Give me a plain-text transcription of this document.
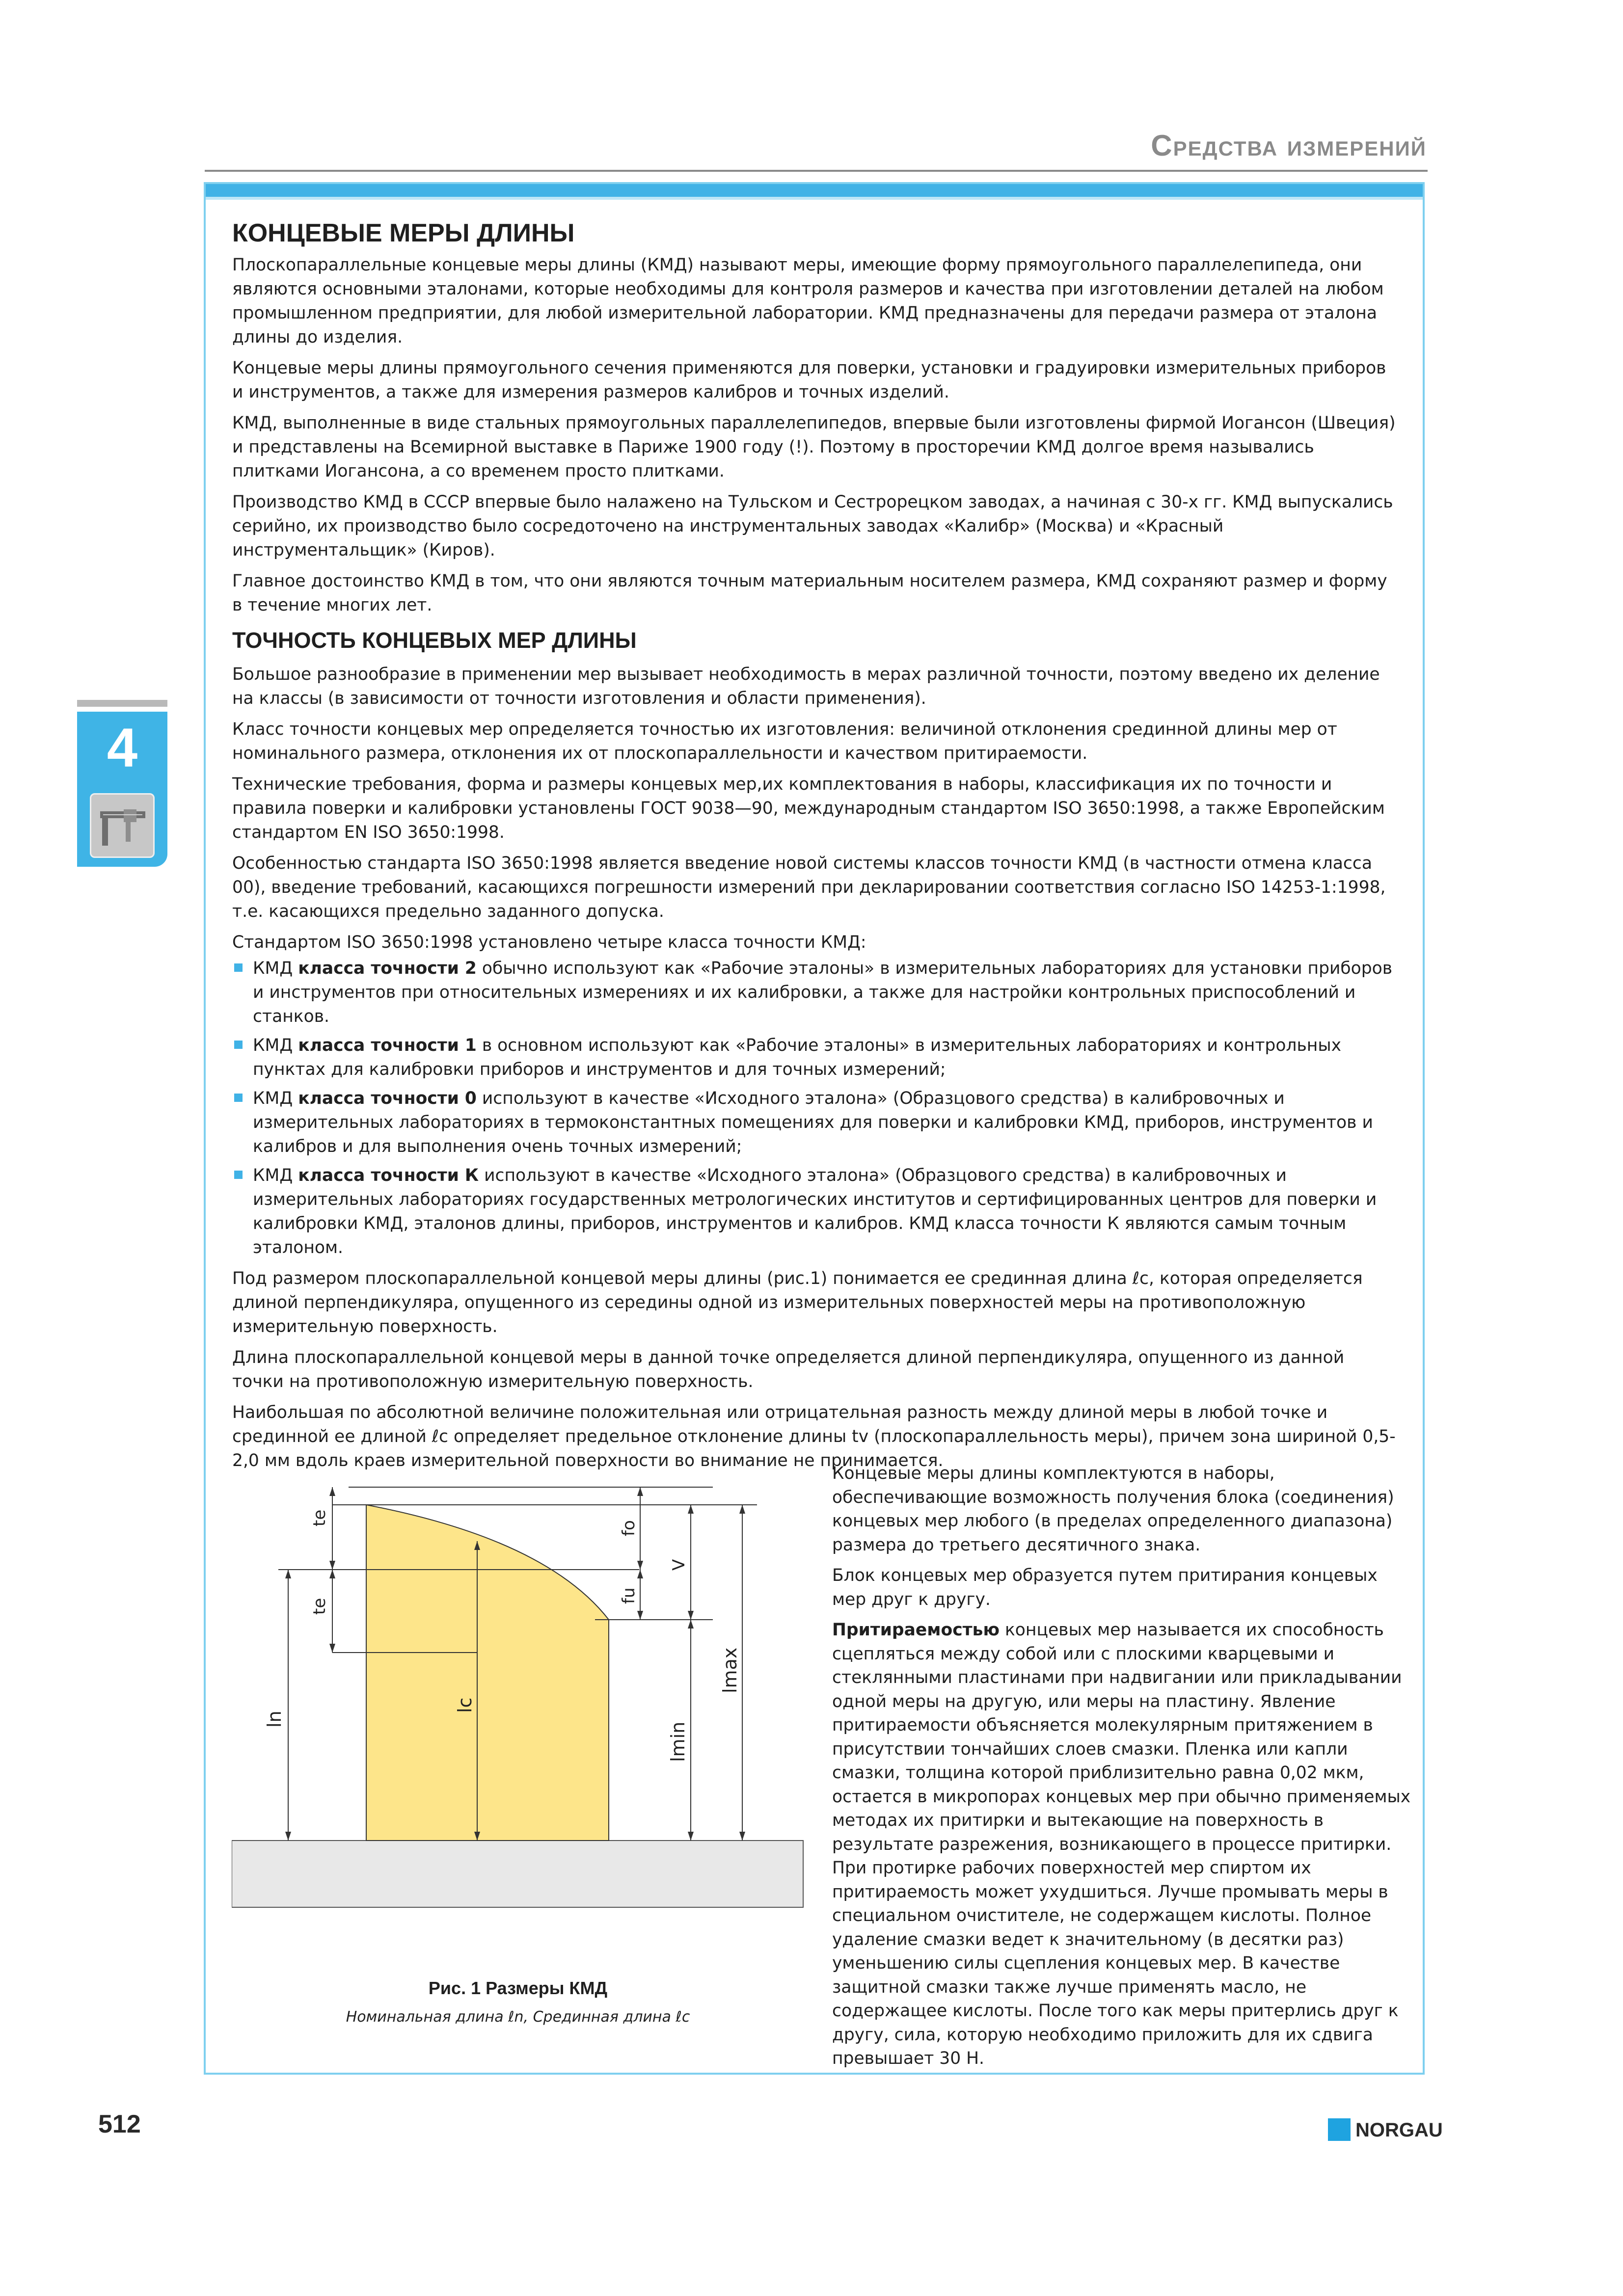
Средства измерений
4
КОНЦЕВЫЕ МЕРЫ ДЛИНЫ

Плоскопараллельные концевые меры длины (КМД) называют меры, имеющие форму прямоугольного параллелепипеда, они являются основными эталонами, которые необходимы для контроля размеров и качества при изготовлении деталей на любом промышленном предприятии, для любой измерительной лаборатории. КМД предназначены для передачи размера от эталона длины до изделия.

Концевые меры длины прямоугольного сечения применяются для поверки, установки и градуировки измерительных приборов и инструментов, а также для измерения размеров калибров и точных изделий.

КМД, выполненные в виде стальных прямоугольных параллелепипедов, впервые были изготовлены фирмой Иогансон (Швеция) и представлены на Всемирной выставке в Париже 1900 году (!). Поэтому в просторечии КМД долгое время назывались плитками Иогансона, а со временем просто плитками.

Производство КМД в СССР впервые было налажено на Тульском и Сестрорецком заводах, а начиная с 30-х гг. КМД выпускались серийно, их производство было сосредоточено на инструментальных заводах «Калибр» (Москва) и «Красный инструментальщик» (Киров).

Главное достоинство КМД в том, что они являются точным материальным носителем размера, КМД сохраняют размер и форму в течение многих лет.

ТОЧНОСТЬ КОНЦЕВЫХ МЕР ДЛИНЫ

Большое разнообразие в применении мер вызывает необходимость в мерах различной точности, поэтому введено их деление на классы (в зависимости от точности изготовления и области применения).

Класс точности концевых мер определяется точностью их изготовления: величиной отклонения срединной длины мер от номинального размера, отклонения их от плоскопараллельности и качеством притираемости.

Технические требования, форма и размеры концевых мер,их комплектования в наборы, классификация их по точности и правила поверки и калибровки установлены ГОСТ 9038—90, международным стандартом ISO 3650:1998, а также Европейским стандартом EN ISO 3650:1998.

Особенностью стандарта ISO 3650:1998 является введение новой системы классов точности КМД (в частности отмена класса 00), введение требований, касающихся погрешности измерений при декларировании соответствия согласно ISO 14253-1:1998, т.е. касающихся предельно заданного допуска.

Стандартом ISO 3650:1998 установлено четыре класса точности КМД:

КМД класса точности 2 обычно используют как «Рабочие эталоны» в измерительных лабораториях для установки приборов и инструментов при относительных измерениях и их калибровки, а также для настройки контрольных приспособлений и станков.
КМД класса точности 1 в основном используют как «Рабочие эталоны» в измерительных лабораториях и контрольных пунктах для калибровки приборов и инструментов и для точных измерений;
КМД класса точности 0 используют в качестве «Исходного эталона» (Образцового средства) в калибровочных и измерительных лабораториях в термоконстантных помещениях для поверки и калибровки КМД, приборов, инструментов и калибров и для выполнения очень точных измерений;
КМД класса точности К используют в качестве «Исходного эталона» (Образцового средства) в калибровочных и измерительных лабораториях государственных метрологических институтов и сертифицированных центров для поверки и калибровки КМД, эталонов длины, приборов, инструментов и калибров. КМД класса точности К являются самым точным эталоном.

Под размером плоскопараллельной концевой меры длины (рис.1) понимается ее срединная длина ℓc, которая определяется длиной перпендикуляра, опущенного из середины одной из измерительных поверхностей меры на противоположную измерительную поверхность.

Длина плоскопараллельной концевой меры в данной точке определяется длиной перпендикуляра, опущенного из данной точки на противоположную измерительную поверхность.

Наибольшая по абсолютной величине положительная или отрицательная разность между длиной меры в любой точке и срединной ее длиной ℓc определяет предельное отклонение длины tv (плоскопараллельность меры), причем зона шириной 0,5-2,0 мм вдоль краев измерительной поверхности во внимание не принимается.

te
te
ln
lc
fo
fu
V
lmin
lmax
Рис. 1 Размеры КМД
Номинальная длина ℓn, Срединная длина ℓc

Концевые меры длины комплектуются в наборы, обеспечивающие возможность получения блока (соединения) концевых мер любого (в пределах определенного диапазона) размера до третьего десятичного знака.

Блок концевых мер образуется путем притирания концевых мер друг к другу.

Притираемостью концевых мер называется их способность сцепляться между собой или с плоскими кварцевыми и стеклянными пластинами при надвигании или прикладывании одной меры на другую, или меры на пластину. Явление притираемости объясняется молекулярным притяжением в присутствии тончайших слоев смазки. Пленка или капли смазки, толщина которой приблизительно равна 0,02 мкм, остается в микропорах концевых мер при обычно применяемых методах их притирки и вытекающие на поверхность в результате разрежения, возникающего в процессе притирки. При протирке рабочих поверхностей мер спиртом их притираемость может ухудшиться. Лучше промывать меры в специальном очистителе, не содержащем кислоты. Полное удаление смазки ведет к значительному (в десятки раз) уменьшению силы сцепления концевых мер. В качестве защитной смазки также лучше применять масло, не содержащее кислоты. После того как меры притерлись друг к другу, сила, которую необходимо приложить для их сдвига превышает 30 Н.

512	NORGAU
